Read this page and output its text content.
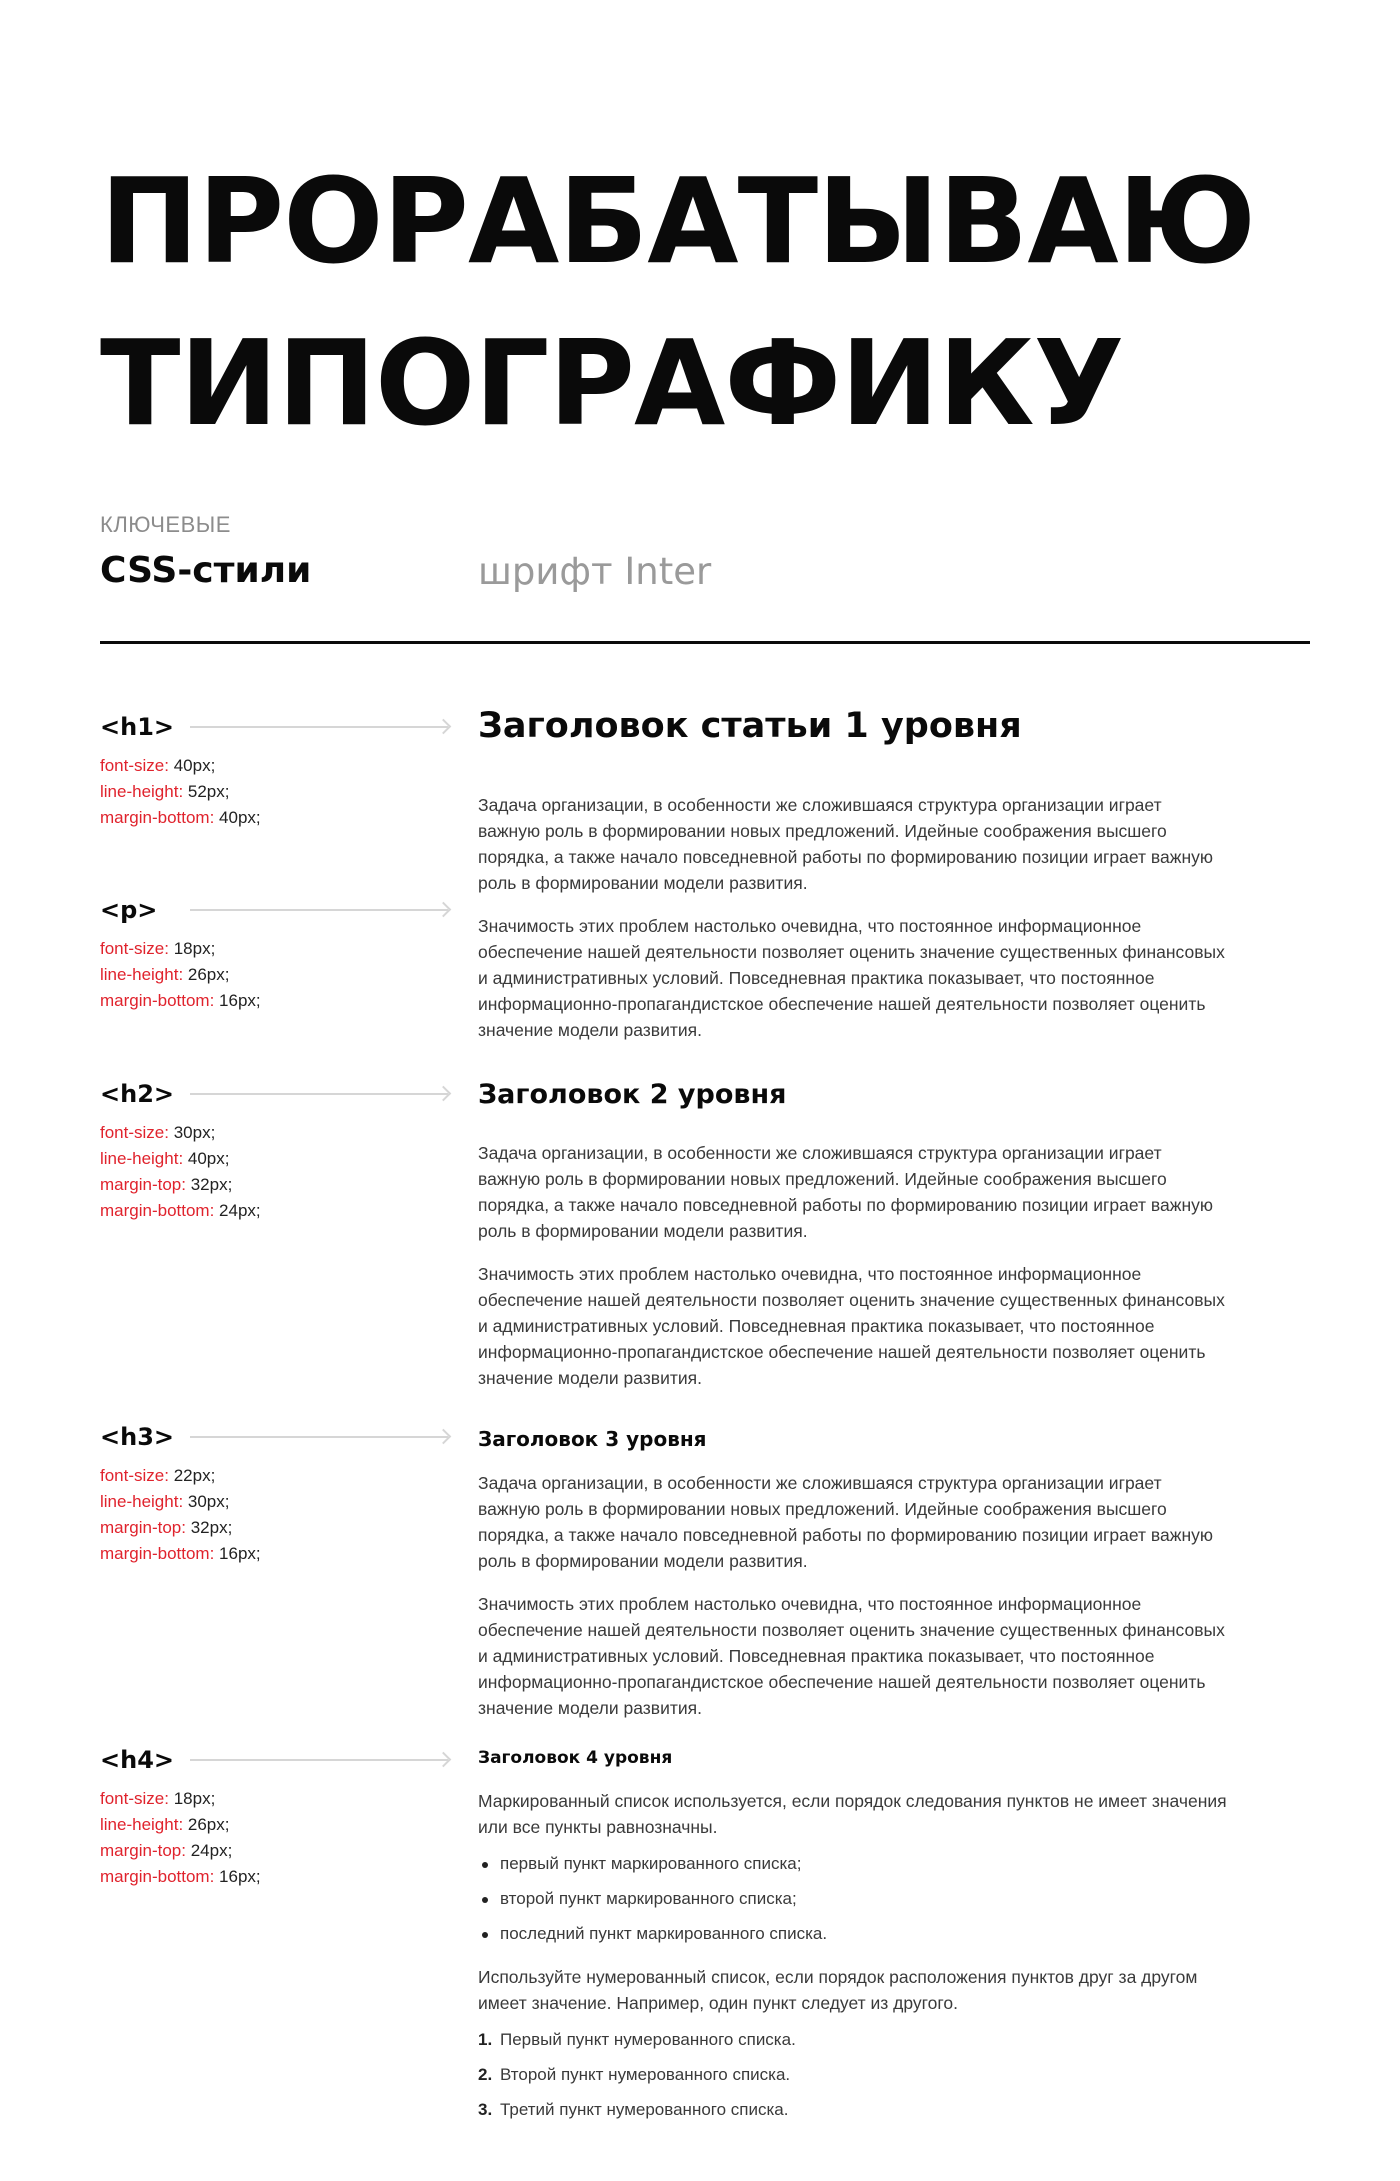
ПРОРАБАТЫВАЮ
ТИПОГРАФИКУ
КЛЮЧЕВЫЕ
CSS-стили	шрифт Inter
<h1>
font-size: 40px;
line-height: 52px;
margin-bottom: 40px;
<p>
font-size: 18px;
line-height: 26px;
margin-bottom: 16px;
<h2>
font-size: 30px;
line-height: 40px;
margin-top: 32px;
margin-bottom: 24px;
<h3>
font-size: 22px;
line-height: 30px;
margin-top: 32px;
margin-bottom: 16px;
<h4>
font-size: 18px;
line-height: 26px;
margin-top: 24px;
margin-bottom: 16px;
Заголовок статьи 1 уровня
Задача организации, в особенности же сложившаяся структура организации играет
важную роль в формировании новых предложений. Идейные соображения высшего
порядка, а также начало повседневной работы по формированию позиции играет важную
роль в формировании модели развития.
Значимость этих проблем настолько очевидна, что постоянное информационное
обеспечение нашей деятельности позволяет оценить значение существенных финансовых
и административных условий. Повседневная практика показывает, что постоянное
информационно-пропагандистское обеспечение нашей деятельности позволяет оценить
значение модели развития.
Заголовок 2 уровня
Задача организации, в особенности же сложившаяся структура организации играет
важную роль в формировании новых предложений. Идейные соображения высшего
порядка, а также начало повседневной работы по формированию позиции играет важную
роль в формировании модели развития.
Значимость этих проблем настолько очевидна, что постоянное информационное
обеспечение нашей деятельности позволяет оценить значение существенных финансовых
и административных условий. Повседневная практика показывает, что постоянное
информационно-пропагандистское обеспечение нашей деятельности позволяет оценить
значение модели развития.
Заголовок 3 уровня
Задача организации, в особенности же сложившаяся структура организации играет
важную роль в формировании новых предложений. Идейные соображения высшего
порядка, а также начало повседневной работы по формированию позиции играет важную
роль в формировании модели развития.
Значимость этих проблем настолько очевидна, что постоянное информационное
обеспечение нашей деятельности позволяет оценить значение существенных финансовых
и административных условий. Повседневная практика показывает, что постоянное
информационно-пропагандистское обеспечение нашей деятельности позволяет оценить
значение модели развития.
Заголовок 4 уровня
Маркированный список используется, если порядок следования пунктов не имеет значения
или все пункты равнозначны.
первый пункт маркированного списка;
второй пункт маркированного списка;
последний пункт маркированного списка.
Используйте нумерованный список, если порядок расположения пунктов друг за другом
имеет значение. Например, один пункт следует из другого.
1. Первый пункт нумерованного списка.
2. Второй пункт нумерованного списка.
3. Третий пункт нумерованного списка.
